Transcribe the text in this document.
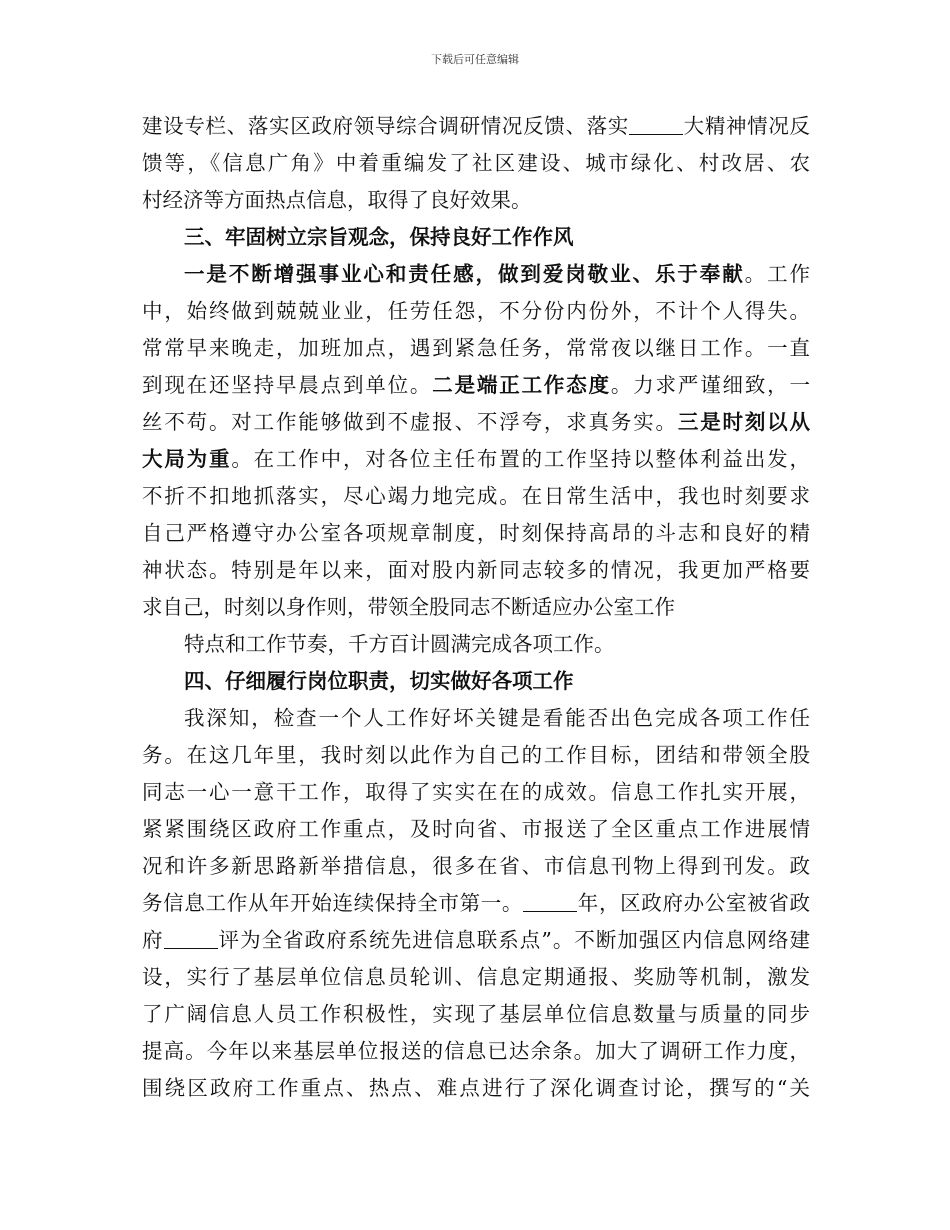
下载后可任意编辑
建设专栏、落实区政府领导综合调研情况反馈、落实	大精神情况反
馈等，《信息广角》中着重编发了社区建设、城市绿化、村改居、农
村经济等方面热点信息，取得了良好效果。
三、牢固树立宗旨观念，保持良好工作作风
一是不断增强事业心和责任感，做到爱岗敬业、乐于奉献。工作
中，始终做到兢兢业业，任劳任怨，不分份内份外，不计个人得失。
常常早来晚走，加班加点，遇到紧急任务，常常夜以继日工作。一直
到现在还坚持早晨点到单位。二是端正工作态度。力求严谨细致，一
丝不苟。对工作能够做到不虚报、不浮夸，求真务实。三是时刻以从
大局为重。在工作中，对各位主任布置的工作坚持以整体利益出发，
不折不扣地抓落实，尽心竭力地完成。在日常生活中，我也时刻要求
自己严格遵守办公室各项规章制度，时刻保持高昂的斗志和良好的精
神状态。特别是年以来，面对股内新同志较多的情况，我更加严格要
求自己，时刻以身作则，带领全股同志不断适应办公室工作
特点和工作节奏，千方百计圆满完成各项工作。
四、仔细履行岗位职责，切实做好各项工作
我深知，检查一个人工作好坏关键是看能否出色完成各项工作任
务。在这几年里，我时刻以此作为自己的工作目标，团结和带领全股
同志一心一意干工作，取得了实实在在的成效。信息工作扎实开展，
紧紧围绕区政府工作重点，及时向省、市报送了全区重点工作进展情
况和许多新思路新举措信息，很多在省、市信息刊物上得到刊发。政
务信息工作从年开始连续保持全市第一。	年，区政府办公室被省政
府	评为全省政府系统先进信息联系点”。不断加强区内信息网络建
设，实行了基层单位信息员轮训、信息定期通报、奖励等机制，激发
了广阔信息人员工作积极性，实现了基层单位信息数量与质量的同步
提高。今年以来基层单位报送的信息已达余条。加大了调研工作力度，
围绕区政府工作重点、热点、难点进行了深化调查讨论，撰写的“关
